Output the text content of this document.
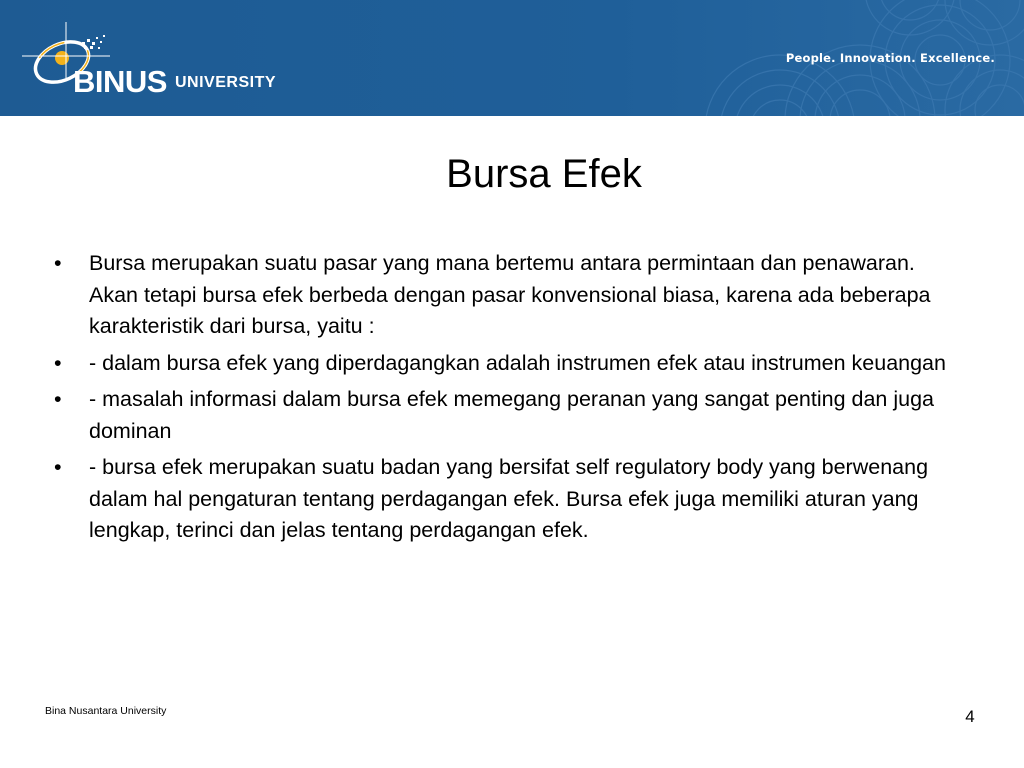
BINUS UNIVERSITY
People. Innovation. Excellence.
Bursa Efek
• Bursa merupakan suatu pasar yang mana bertemu antara permintaan dan penawaran. Akan tetapi bursa efek berbeda dengan pasar konvensional biasa, karena ada beberapa karakteristik dari bursa, yaitu :
• - dalam bursa efek yang diperdagangkan adalah instrumen efek atau instrumen keuangan
• - masalah informasi dalam bursa efek memegang peranan yang sangat penting dan juga dominan
• - bursa efek merupakan suatu badan yang bersifat self regulatory body yang berwenang dalam hal pengaturan tentang perdagangan efek. Bursa efek juga memiliki aturan yang lengkap, terinci dan jelas tentang perdagangan efek.
Bina Nusantara University	4
